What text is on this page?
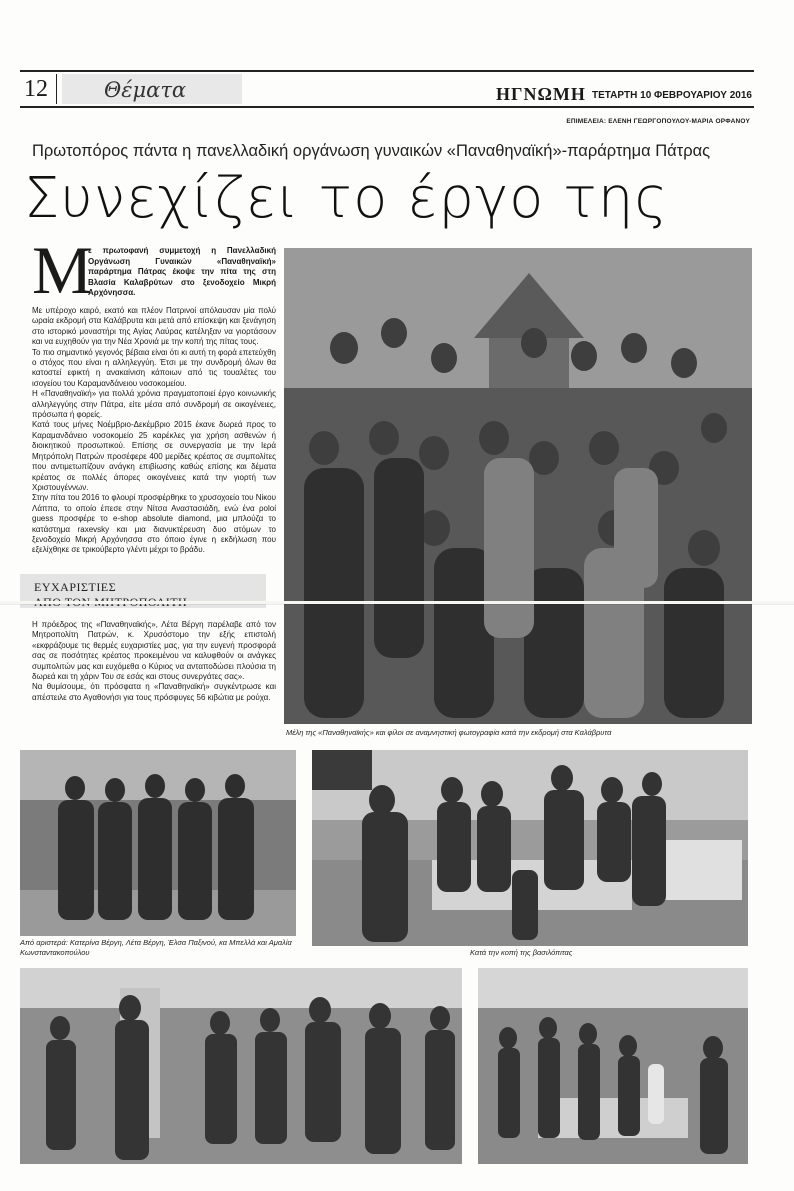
12	Θέματα	ΗΓΝΩΜΗ ΤΕΤΑΡΤΗ 10 ΦΕΒΡΟΥΑΡΙΟΥ 2016
ΕΠΙΜΕΛΕΙΑ: ΕΛΕΝΗ ΓΕΩΡΓΟΠΟΥΛΟΥ-ΜΑΡΙΑ ΟΡΦΑΝΟΥ
Πρωτοπόρος πάντα η πανελλαδική οργάνωση γυναικών «Παναθηναϊκή»-παράρτημα Πάτρας
Συνεχίζει το έργο της
Μ
ε πρωτοφανή συμμετοχή η Πανελλαδική Οργάνωση Γυναικών «Παναθηναϊκή» παράρτημα Πάτρας έκοψε την πίτα της στη Βλασία Καλαβρύτων στο ξενοδοχείο Μικρή Αρχόνησσα.

Με υπέροχο καιρό, εκατό και πλέον Πατρινοί απόλαυσαν μία πολύ ωραία εκδρομή στα Καλάβρυτα και μετά από επίσκεψη και ξενάγηση στο ιστορικό μοναστήρι της Αγίας Λαύρας κατέληξαν να γιορτάσουν και να ευχηθούν για την Νέα Χρονιά με την κοπή της πίτας τους.

Το πιο σημαντικό γεγονός βέβαια είναι ότι κι αυτή τη φορά επετεύχθη ο στόχος που είναι η αλληλεγγύη. Έτσι με την συνδρομή όλων θα κατοστεί εφικτή η ανακαίνιση κάποιων από τις τουαλέτες του ισογείου του Καραμανδάνειου νοσοκομείου.

Η «Παναθηναϊκή» για πολλά χρόνια πραγματοποιεί έργο κοινωνικής αλληλεγγύης στην Πάτρα, είτε μέσα από συνδρομή σε οικογένειες, πρόσωπα ή φορείς.

Κατά τους μήνες Νοέμβριο-Δεκέμβριο 2015 έκανε δωρεά προς το Καραμανδάνειο νοσοκομείο 25 καρέκλες για χρήση ασθενών ή διοικητικού προσωπικού. Επίσης σε συνεργασία με την Ιερά Μητρόπολη Πατρών προσέφερε 400 μερίδες κρέατος σε συμπολίτες που αντιμετωπίζουν ανάγκη επιβίωσης καθώς επίσης και δέματα κρέατος σε πολλές άπορες οικογένειες κατά την γιορτή των Χριστουγέννων.

Στην πίτα του 2016 το φλουρί προσφέρθηκε το χρυσοχοείο του Νίκου Λάππα, το οποίο έπεσε στην Νίτσα Αναστασιάδη, ενώ ένα ροlοί guess προσφέρε το e-shop absolute diamond, μια μπλούζα το κατάστημα raxevsky και μια διανυκτέρευση δυο ατόμων το ξενοδοχείο Μικρή Αρχόνησσα στο όποιο έγινε η εκδήλωση που εξελίχθηκε σε τρικούβερτο γλέντι μέχρι το βράδυ.

ΕΥΧΑΡΙΣΤΙΕΣ

Η πρόεδρος της «Παναθηναϊκής», Λέτα Βέργη παρέλαβε από τον Μητροπολίτη Πατρών, κ. Χρυσόστομο την εξής επιστολή «εκφράζουμε τις θερμές ευχαριστίες μας, για την ευγενή προσφορά σας σε ποσότητες κρέατος προκειμένου να καλυφθούν οι ανάγκες συμπολιτών μας και ευχόμεθα ο Κύριος να ανταποδώσει πλούσια τη δωρεά και τη χάριν Του σε εσάς και στους συνεργάτες σας».

Να θυμίσουμε, ότι πρόσφατα η «Παναθηναϊκή» συγκέντρωσε και απέστειλε στο Αγαθονήσι για τους πρόσφυγες 56 κιβώτια με ρούχα.

Μέλη της «Παναθηναϊκής» και φίλοι σε αναμνηστική φωτογραφία κατά την εκδρομή στα Καλάβρυτα
Από αριστερά: Κατερίνα Βέργη, Λέτα Βέργη, Έλσα Παξινού, κα Μπελλά και Αμαλία Κωνσταντακοπούλου	Κατά την κοπή της βασιλόπιτας
